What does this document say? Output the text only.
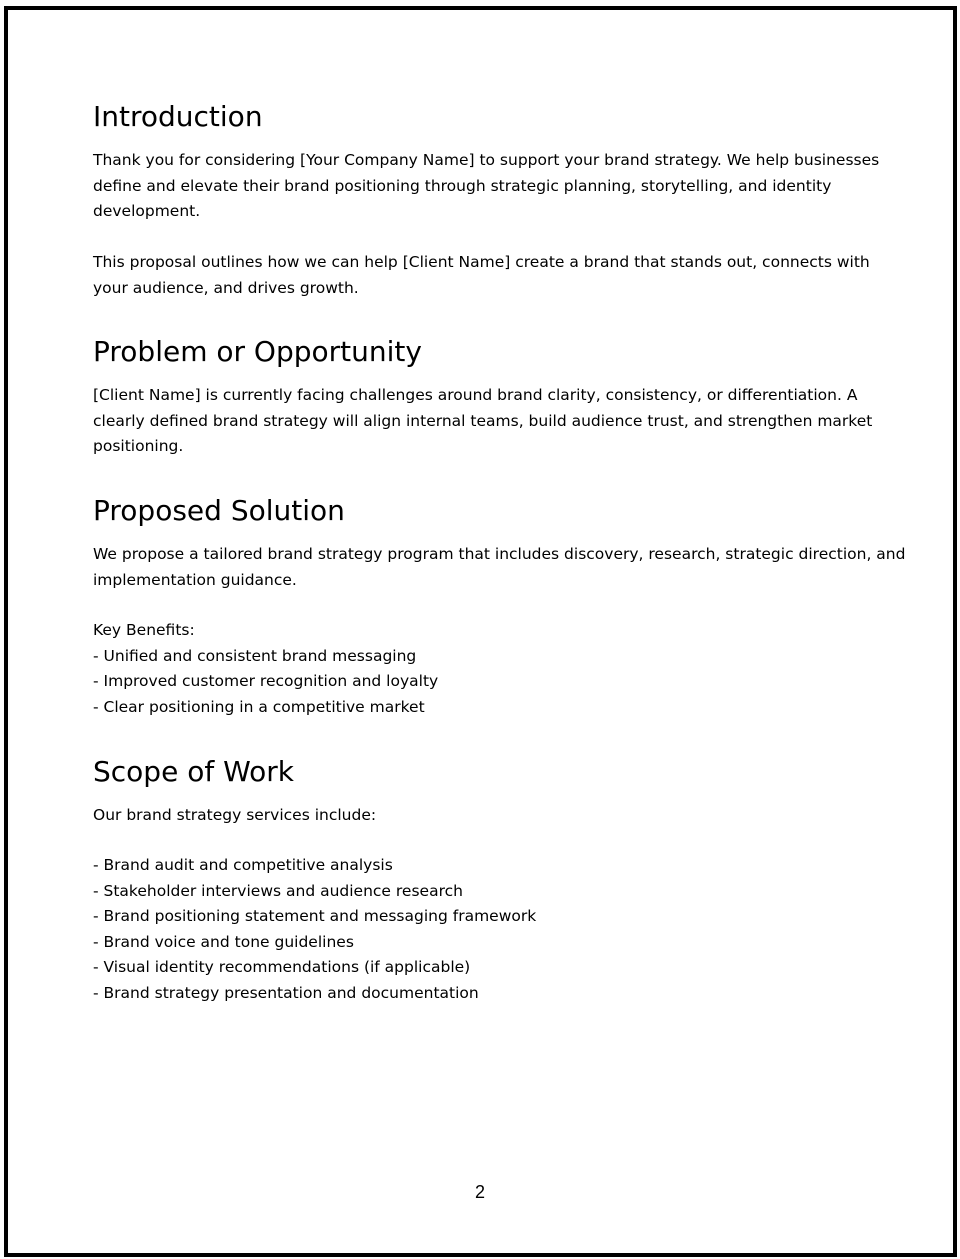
Introduction

Thank you for considering [Your Company Name] to support your brand strategy. We help businesses
define and elevate their brand positioning through strategic planning, storytelling, and identity
development.

This proposal outlines how we can help [Client Name] create a brand that stands out, connects with
your audience, and drives growth.

Problem or Opportunity

[Client Name] is currently facing challenges around brand clarity, consistency, or differentiation. A
clearly defined brand strategy will align internal teams, build audience trust, and strengthen market
positioning.

Proposed Solution

We propose a tailored brand strategy program that includes discovery, research, strategic direction, and
implementation guidance.

Key Benefits:
- Unified and consistent brand messaging
- Improved customer recognition and loyalty
- Clear positioning in a competitive market

Scope of Work

Our brand strategy services include:

- Brand audit and competitive analysis
- Stakeholder interviews and audience research
- Brand positioning statement and messaging framework
- Brand voice and tone guidelines
- Visual identity recommendations (if applicable)
- Brand strategy presentation and documentation

2
